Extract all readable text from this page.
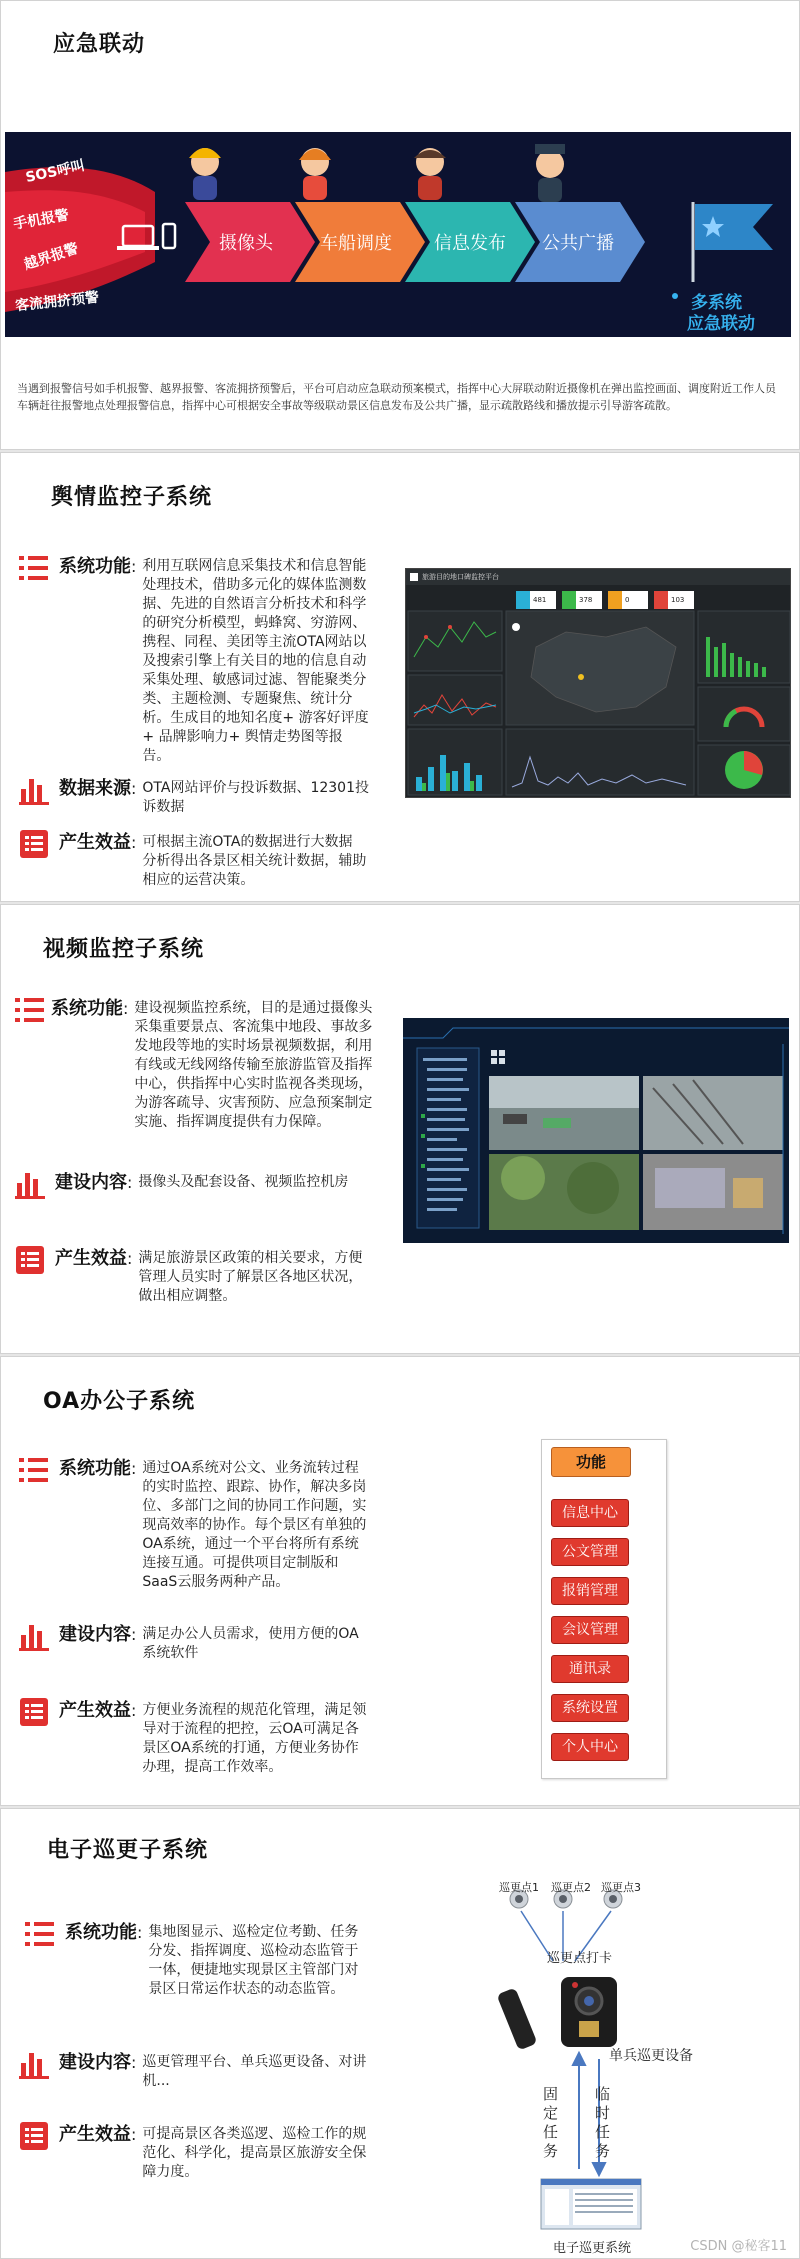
应急联动
SOS呼叫
手机报警
越界报警
客流拥挤预警
摄像头	车船调度	信息发布	公共广播
多系统
应急联动
当遇到报警信号如手机报警、越界报警、客流拥挤预警后，平台可启动应急联动预案模式，指挥中心大屏联动附近摄像机在弹出监控画面、调度附近工作人员车辆赶往报警地点处理报警信息，指挥中心可根据安全事故等级联动景区信息发布及公共广播，显示疏散路线和播放提示引导游客疏散。
舆情监控子系统
系统功能 : 利用互联网信息采集技术和信息智能处理技术，借助多元化的媒体监测数据、先进的自然语言分析技术和科学的研究分析模型，蚂蜂窝、穷游网、携程、同程、美团等主流OTA网站以及搜索引擎上有关目的地的信息自动采集处理、敏感词过滤、智能聚类分类、主题检测、专题聚焦、统计分析。生成目的地知名度+ 游客好评度+ 品牌影响力+ 舆情走势图等报告。
数据来源 : OTA网站评价与投诉数据、12301投诉数据
产生效益 : 可根据主流OTA的数据进行大数据分析得出各景区相关统计数据，辅助相应的运营决策。
旅游目的地口碑监控平台
481	378	0	103
视频监控子系统
系统功能 : 建设视频监控系统，目的是通过摄像头采集重要景点、客流集中地段、事故多发地段等地的实时场景视频数据，利用有线或无线网络传输至旅游监管及指挥中心，供指挥中心实时监视各类现场，为游客疏导、灾害预防、应急预案制定实施、指挥调度提供有力保障。
建设内容 : 摄像头及配套设备、视频监控机房
产生效益 : 满足旅游景区政策的相关要求，方便管理人员实时了解景区各地区状况，做出相应调整。
OA办公子系统
系统功能 : 通过OA系统对公文、业务流转过程的实时监控、跟踪、协作，解决多岗位、多部门之间的协同工作问题，实现高效率的协作。每个景区有单独的OA系统，通过一个平台将所有系统连接互通。可提供项目定制版和SaaS云服务两种产品。
建设内容 : 满足办公人员需求，使用方便的OA系统软件
产生效益 : 方便业务流程的规范化管理，满足领导对于流程的把控，云OA可满足各景区OA系统的打通，方便业务协作办理，提高工作效率。
功能
信息中心
公文管理
报销管理
会议管理
通讯录
系统设置
个人中心
电子巡更子系统
系统功能 : 集地图显示、巡检定位考勤、任务分发、指挥调度、巡检动态监管于一体，便捷地实现景区主管部门对景区日常运作状态的动态监管。
建设内容 : 巡更管理平台、单兵巡更设备、对讲机...
产生效益 : 可提高景区各类巡逻、巡检工作的规范化、科学化，提高景区旅游安全保障力度。
巡更点1 巡更点2 巡更点3
巡更点打卡
单兵巡更设备
固定任务
临时任务
电子巡更系统	CSDN @秘客11
